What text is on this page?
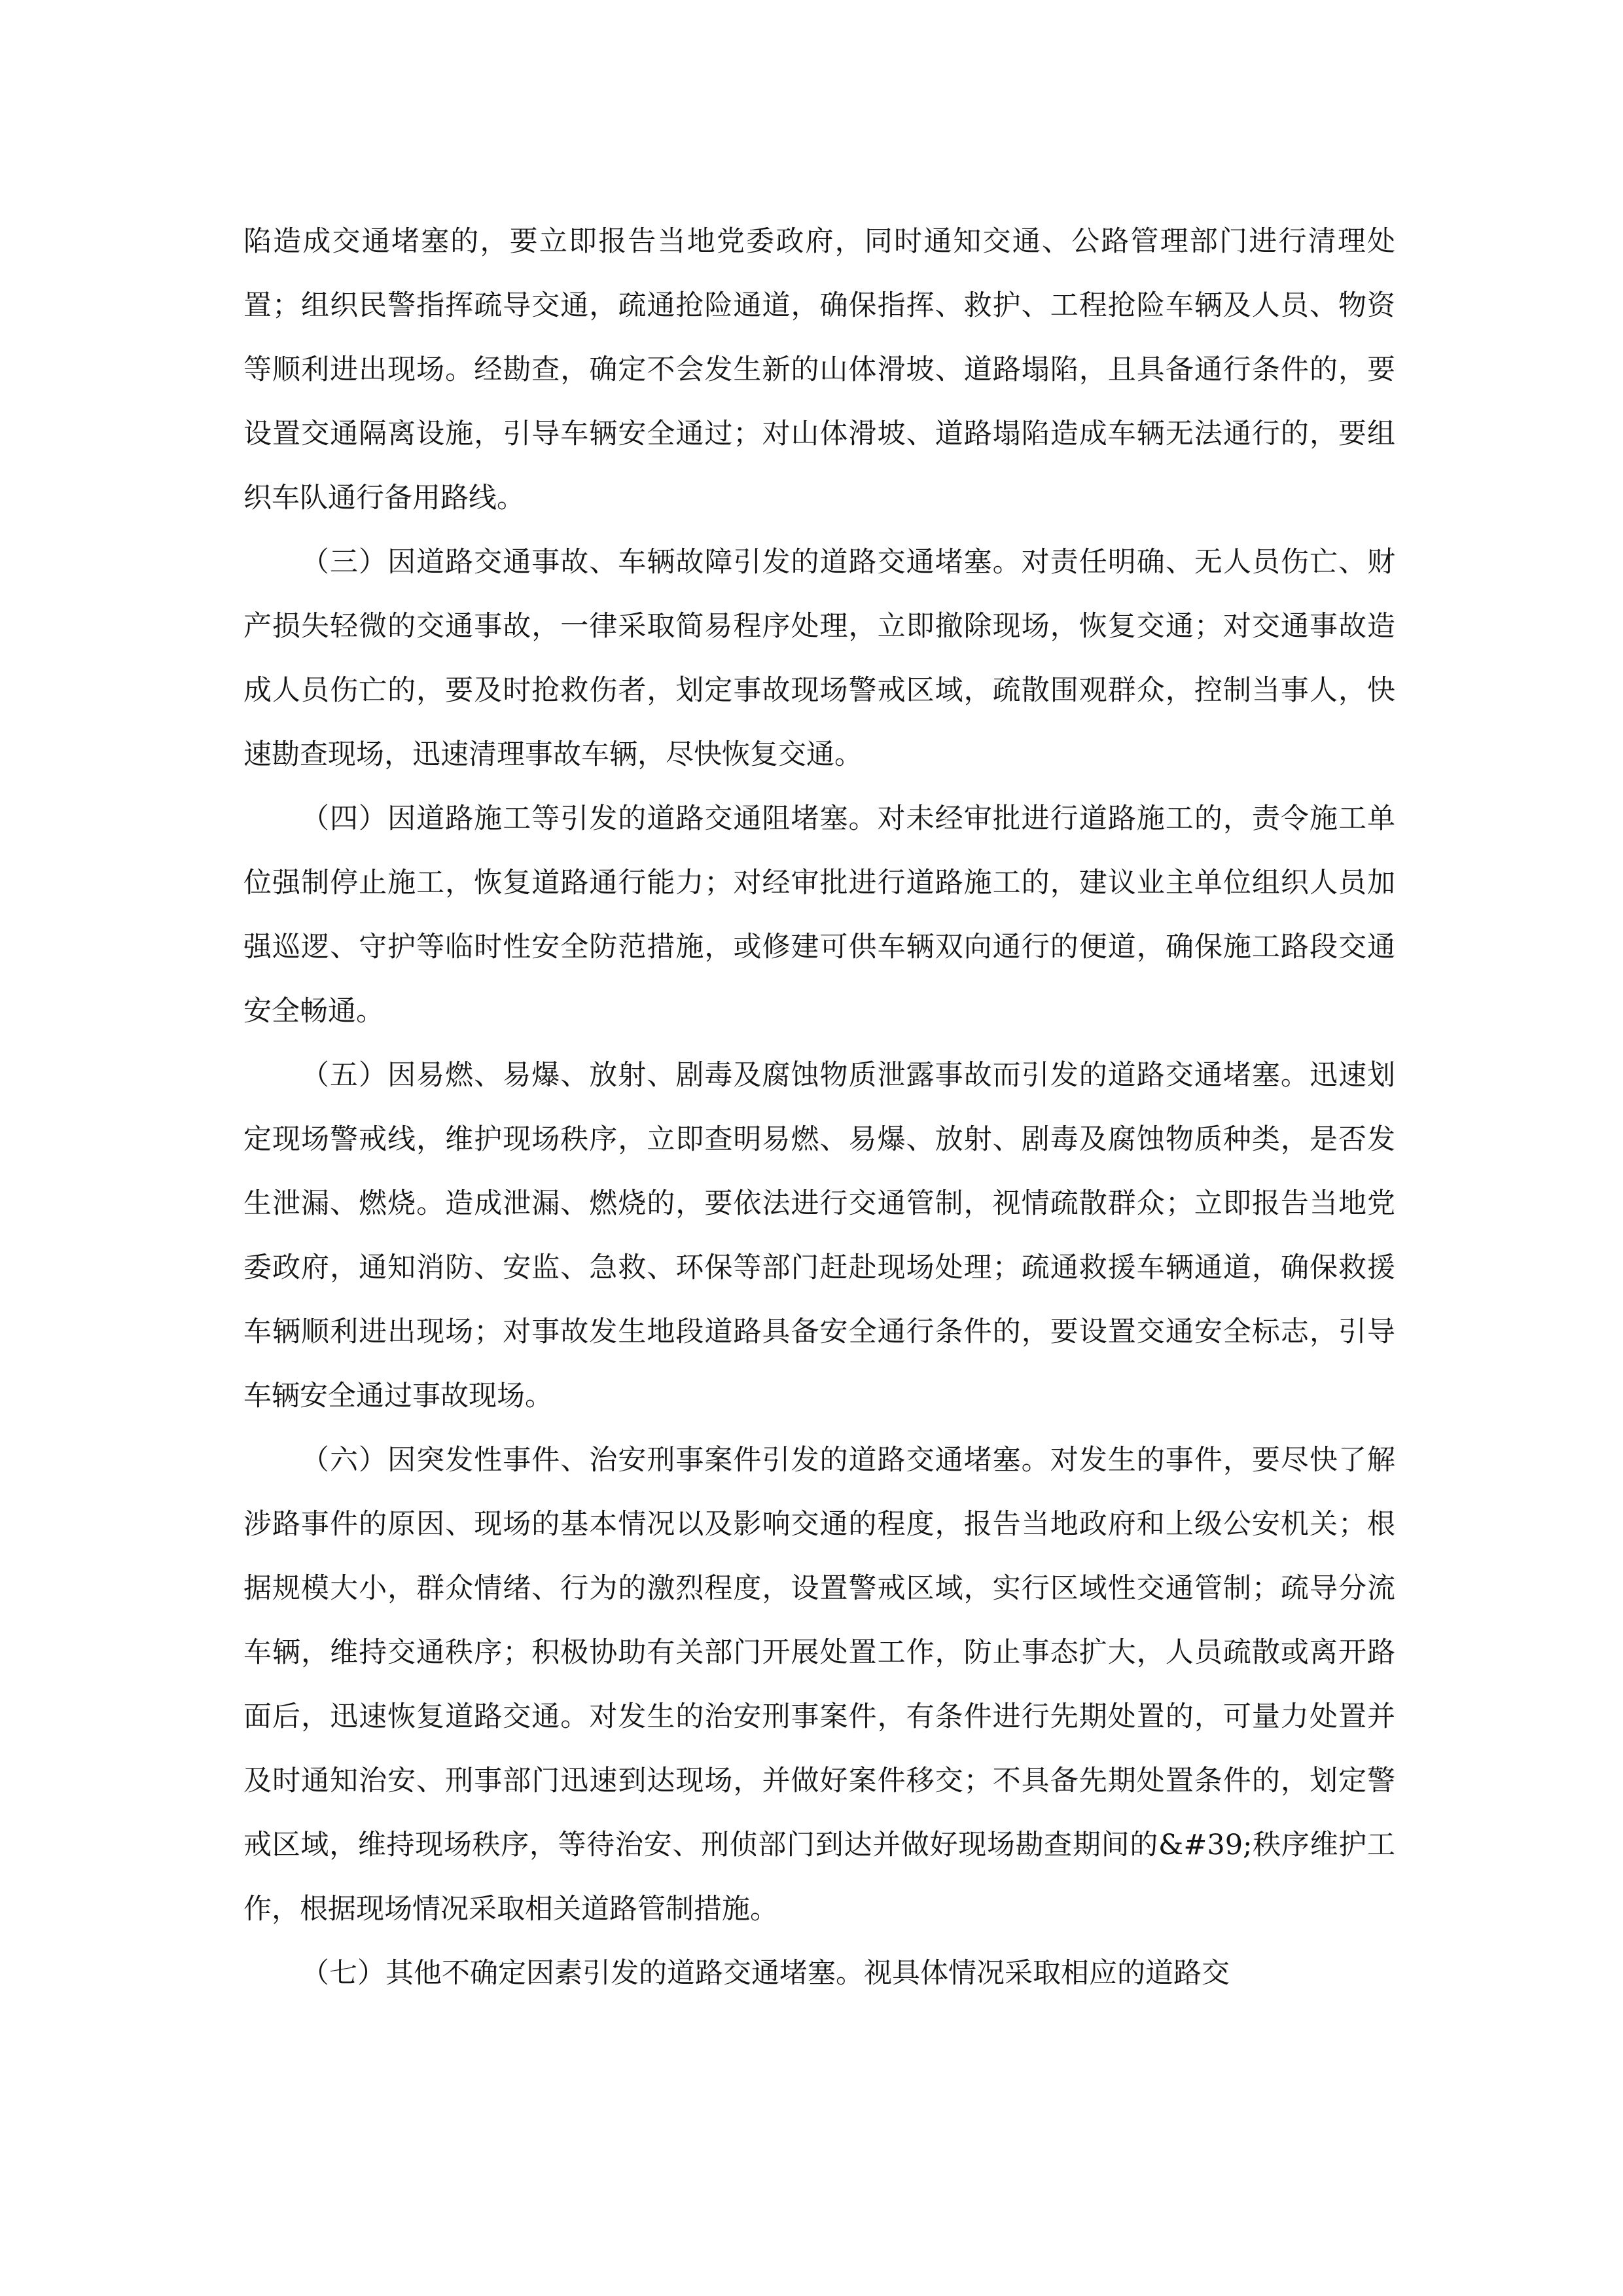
陷造成交通堵塞的，要立即报告当地党委政府，同时通知交通、公路管理部门进行清理处置；组织民警指挥疏导交通，疏通抢险通道，确保指挥、救护、工程抢险车辆及人员、物资等顺利进出现场。经勘查，确定不会发生新的山体滑坡、道路塌陷，且具备通行条件的，要设置交通隔离设施，引导车辆安全通过；对山体滑坡、道路塌陷造成车辆无法通行的，要组织车队通行备用路线。

（三）因道路交通事故、车辆故障引发的道路交通堵塞。对责任明确、无人员伤亡、财产损失轻微的交通事故，一律采取简易程序处理，立即撤除现场，恢复交通；对交通事故造成人员伤亡的，要及时抢救伤者，划定事故现场警戒区域，疏散围观群众，控制当事人，快速勘查现场，迅速清理事故车辆，尽快恢复交通。

（四）因道路施工等引发的道路交通阻堵塞。对未经审批进行道路施工的，责令施工单位强制停止施工，恢复道路通行能力；对经审批进行道路施工的，建议业主单位组织人员加强巡逻、守护等临时性安全防范措施，或修建可供车辆双向通行的便道，确保施工路段交通安全畅通。

（五）因易燃、易爆、放射、剧毒及腐蚀物质泄露事故而引发的道路交通堵塞。迅速划定现场警戒线，维护现场秩序，立即查明易燃、易爆、放射、剧毒及腐蚀物质种类，是否发生泄漏、燃烧。造成泄漏、燃烧的，要依法进行交通管制，视情疏散群众；立即报告当地党委政府，通知消防、安监、急救、环保等部门赶赴现场处理；疏通救援车辆通道，确保救援车辆顺利进出现场；对事故发生地段道路具备安全通行条件的，要设置交通安全标志，引导车辆安全通过事故现场。

（六）因突发性事件、治安刑事案件引发的道路交通堵塞。对发生的事件，要尽快了解涉路事件的原因、现场的基本情况以及影响交通的程度，报告当地政府和上级公安机关；根据规模大小，群众情绪、行为的激烈程度，设置警戒区域，实行区域性交通管制；疏导分流车辆，维持交通秩序；积极协助有关部门开展处置工作，防止事态扩大，人员疏散或离开路面后，迅速恢复道路交通。对发生的治安刑事案件，有条件进行先期处置的，可量力处置并及时通知治安、刑事部门迅速到达现场，并做好案件移交；不具备先期处置条件的，划定警戒区域，维持现场秩序，等待治安、刑侦部门到达并做好现场勘查期间的&#39;秩序维护工作，根据现场情况采取相关道路管制措施。

（七）其他不确定因素引发的道路交通堵塞。视具体情况采取相应的道路交
